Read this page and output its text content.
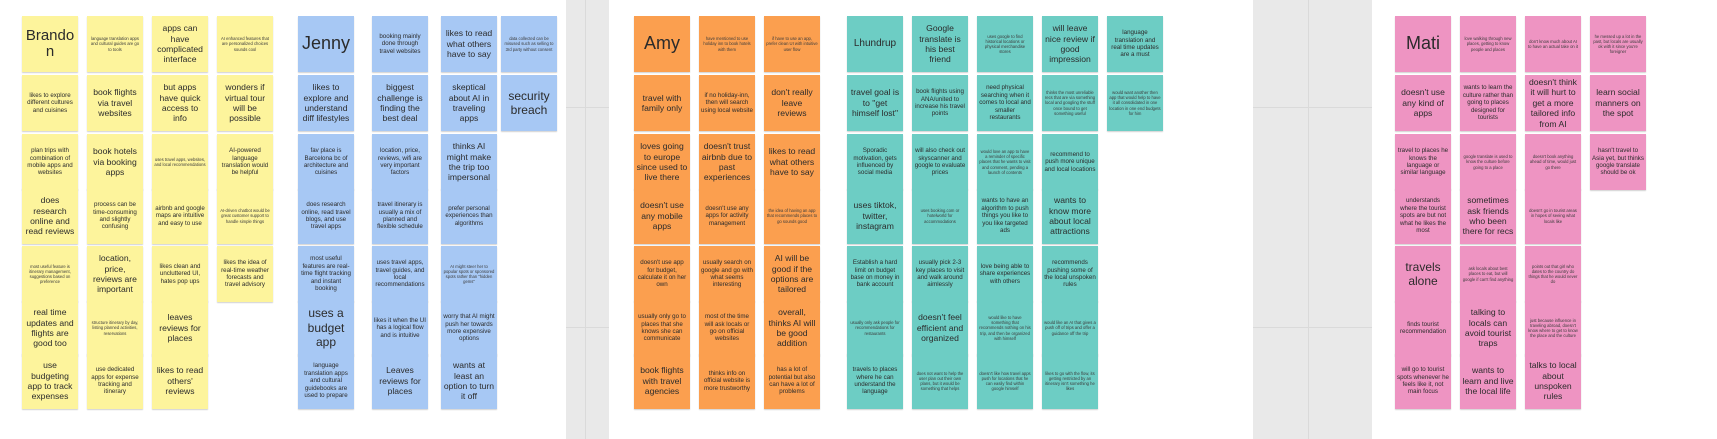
Brandon
language translation apps and cultural guides are go to tools
apps can have complicated interface
AI enhanced features that are personalized choices sounds cool
likes to explore different cultures and cuisines
book flights via travel websites
but apps have quick access to info
wonders if virtual tour will be possible
plan trips with combination of mobile apps and websites
book hotels via booking apps
uses travel apps, websites, and local recommendations
AI-powered language translation would be helpful
does research online and read reviews
process can be time-consuming and slightly confusing
airbnb and google maps are intuitive and easy to use
AI-driven chatbot would be great customer support to handle simple things
most useful feature is itinerary management, suggestions based on preference
location, price, reviews are important
likes clean and uncluttered UI, hates pop ups
likes the idea of real-time weather forecasts and travel advisory
real time updates and flights are good too
structure itinerary by day, listing planned activities, reservations
leaves reviews for places
use budgeting app to track expenses
use dedicated apps for expense tracking and itinerary
likes to read others' reviews
Jenny	booking mainly done through travel websites
likes to read what others have to say
data collected can be misused such as selling to 3rd party without consent
likes to explore and understand diff lifestyles
biggest challenge is finding the best deal
skeptical about AI in traveling apps
security breach
fav place is Barcelona bc of architecture and cuisines
location, price, reviews, wifi are very important factors
thinks AI might make the trip too impersonal
does research online, read travel blogs, and use travel apps
travel itinerary is usually a mix of planned and flexible schedule
prefer personal experiences than algorithms
most useful features are real-time flight tracking and instant booking
uses travel apps, travel guides, and local recommendations
AI might steer her to popular spots or sponsored spots rather than "hidden gems"
uses a budget app
likes it when the UI has a logical flow and is intuitive
worry that AI might push her towards more expensive options
language translation apps and cultural guidebooks are used to prepare
Leaves reviews for places
wants at least an option to turn it off
Amy	have mentioned to use holiday inn to book hotels with them
if have to use an app, prefer clean UI with intuitive user flow
travel with family only
if no holiday-inn, then will search using local website
don't really leave reviews
loves going to europe since used to live there
doesn't trust airbnb due to past experiences
likes to read what others have to say
doesn't use any mobile apps
doesn't use any apps for activity management
the idea of having an app that recommends places to go sounds good
doesn't use app for budget, calculate it on her own
usually search on google and go with what seems interesting
AI will be good if the options are tailored
usually only go to places that she knows she can communicate
most of the time will ask locals or go on official websites
overall, thinks AI will be good addition
book flights with travel agencies
thinks info on official website is more trustworthy
has a lot of potential but also can have a lot of problems
Lhundrup
Google translate is his best friend
uses google to find historical locations or physical merchandise stores
will leave nice review if good impression
language translation and real time updates are a must
travel goal is to "get himself lost"
book flights using ANA/united to increase his travel points
need physical searching when it comes to local and smaller restaurants
thinks the most unreliable recs that are via something local and googling the stuff once bound to get something useful
would want another then app that would help to have it all consolidated in one location in one end budgets for him
Sporadic motivation, gets influenced by social media
will also check out skyscanner and google to evaluate prices
would love an app to have a reminder of specific places that he wants to visit and comment, pending a launch of contents
recommend to push more unique and local locations
uses tiktok, twitter, instagram
uses booking.com or hotelworld for accommodations
wants to have an algorithm to push things you like to you like targeted ads
wants to know more about local attractions
Establish a hard limit on budget base on money in bank account
usually pick 2-3 key places to visit and walk around aimlessly
love being able to share experiences with others
recommends pushing some of the local unspoken rules
usually only ask people for recommendations for restaurants
doesn't feel efficient and organized
would like to have something that recommends nothing on his trip, and then be organized with himself
would like an AI that gives a push off of trips and offer a guidance off the trip
travels to places where he can understand the language
does not want to help the user plan out their own plans, but it would be something that helps
doesn't like how travel apps push for locations that he can easily find within google himself
likes to go with the flow, its getting restricted by an itinerary isn't something he likes
Mati	love walking through new places, getting to know people and places
don't know much about AI to have an actual take on it
he messed up a lot in the past, but locals are usually ok with it since you're foreigner
doesn't use any kind of apps
wants to learn the culture rather than going to places designed for tourists
doesn't think it will hurt to get a more tailored info from AI
learn social manners on the spot
travel to places he knows the language or similar language
google translate is used to know the culture before going to a place
doesn't book anything ahead of time, would just go there
hasn't travel to Asia yet, but thinks google translate should be ok
understands where the tourist spots are but not what he likes the most
sometimes ask friends who been there for recs
doesn't go in tourist areas in hopes of seeing what locals like
travels alone
ask locals about best places to eat, but will google if can't find anything
points out that girl who dates to the country do things that he would never do
finds tourist recommendation
talking to locals can avoid tourist traps
just because influence in traveling abroad, doesn't know where to get to know the place and the culture
will go to tourist spots whenever he feels like it, not main focus
wants to learn and live the local life
talks to local about unspoken rules
